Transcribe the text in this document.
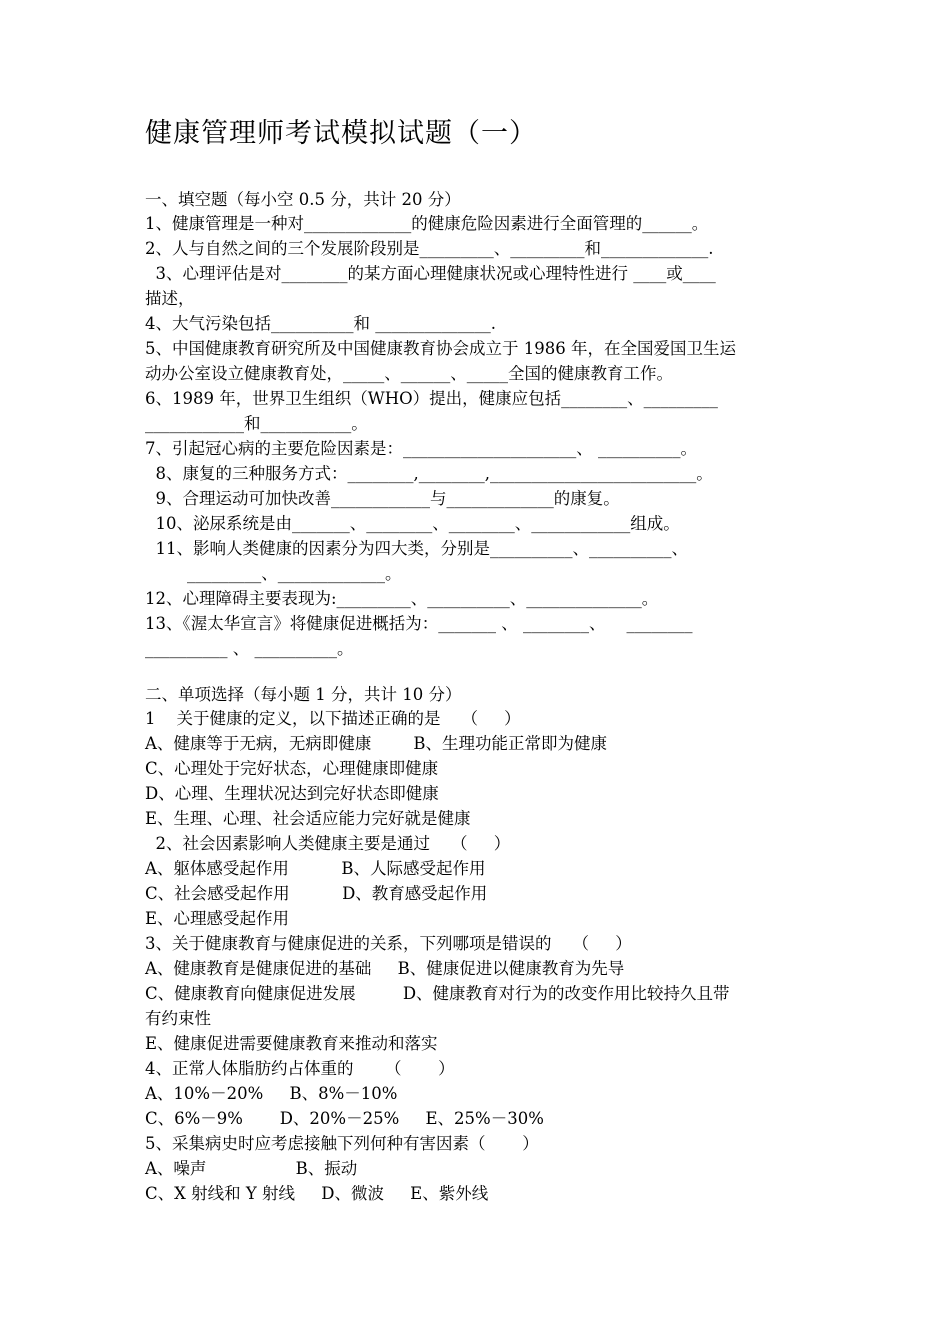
健康管理师考试模拟试题（一）
一、填空题（每小空 0.5 分，共计 20 分）
1、健康管理是一种对_____________的健康危险因素进行全面管理的______。
2、人与自然之间的三个发展阶段别是_________、_________和_____________.
3、心理评估是对________的某方面心理健康状况或心理特性进行 ____或____
描述，
4、大气污染包括__________和 ______________.
5、中国健康教育研究所及中国健康教育协会成立于 1986 年，在全国爱国卫生运
动办公室设立健康教育处，_____、______、_____全国的健康教育工作。
6、1989 年，世界卫生组织（WHO）提出，健康应包括________、_________
____________和___________。
7、引起冠心病的主要危险因素是：_____________________、 __________。
8、康复的三种服务方式：________,________,_________________________。
9、合理运动可加快改善____________与_____________的康复。
10、泌尿系统是由_______、________、________、____________组成。
11、影响人类健康的因素分为四大类，分别是__________、__________、
_________、_____________。
12、心理障碍主要表现为:_________、__________、______________。
13、《渥太华宣言》将健康促进概括为：_______ 、 ________、    ________
__________ 、 __________。
二、单项选择（每小题 1 分，共计 10 分）
1    关于健康的定义，以下描述正确的是    （     ）
A、健康等于无病，无病即健康        B、生理功能正常即为健康
C、心理处于完好状态，心理健康即健康
D、心理、生理状况达到完好状态即健康
E、生理、心理、社会适应能力完好就是健康
2、社会因素影响人类健康主要是通过    （     ）
A、躯体感受起作用          B、人际感受起作用
C、社会感受起作用          D、教育感受起作用
E、心理感受起作用
3、关于健康教育与健康促进的关系，下列哪项是错误的    （     ）
A、健康教育是健康促进的基础     B、健康促进以健康教育为先导
C、健康教育向健康促进发展         D、健康教育对行为的改变作用比较持久且带
有约束性
E、健康促进需要健康教育来推动和落实
4、正常人体脂肪约占体重的      （       ）
A、10%－20%     B、8%－10%
C、6%－9%       D、20%－25%     E、25%－30%
5、采集病史时应考虑接触下列何种有害因素（       ）
A、噪声                 B、振动
C、X 射线和 Y 射线     D、微波     E、紫外线
